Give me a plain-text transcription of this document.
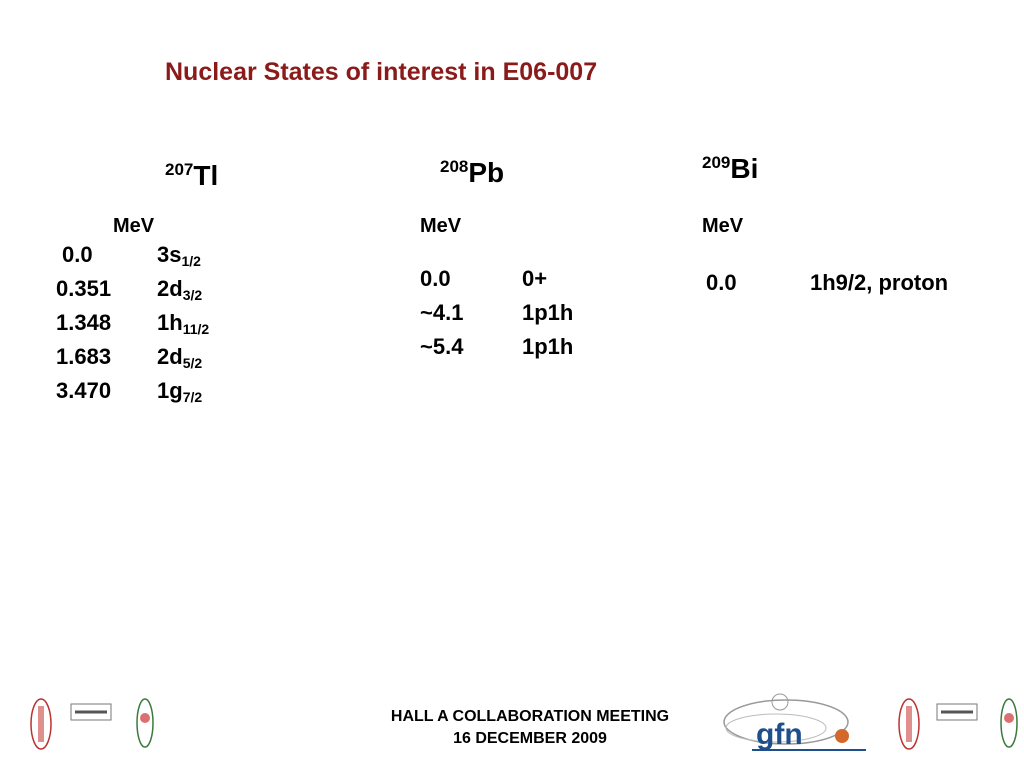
Nuclear States of interest in E06-007
$^{207}$Tl
MeV
0.0	$3s_{1/2}$
0.351 $2d_{3/2}$
1.348 $1h_{11/2}$
1.683 $2d_{5/2}$
3.470 $1g_{7/2}$
$^{208}$Pb
MeV
0.0	0+
~4.1	1p1h
~5.4	1p1h
$^{209}$Bi
MeV
0.0	1h9/2, proton
HALL A COLLABORATION MEETING
16 DECEMBER 2009	gfn
